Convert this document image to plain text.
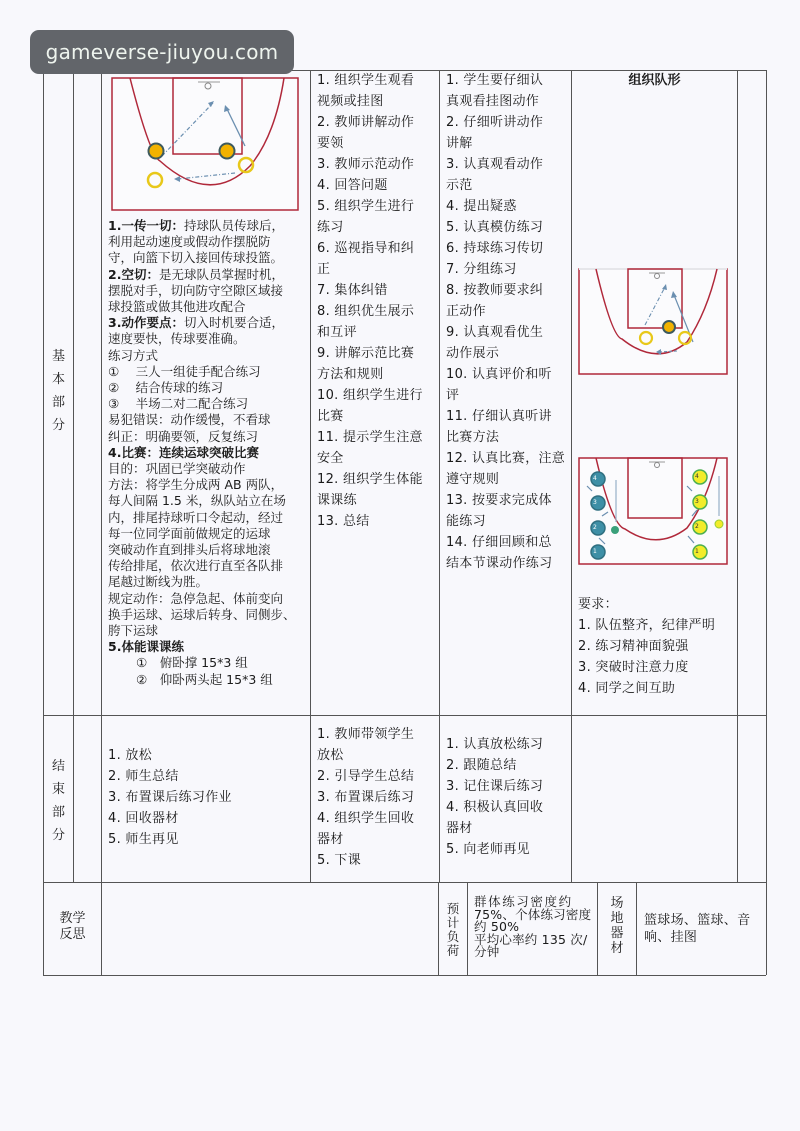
gameverse-jiuyou.com
基本部分
1.一传一切：持球队员传球后，
利用起动速度或假动作摆脱防
守，向篮下切入接回传球投篮。
2.空切：是无球队员掌握时机，
摆脱对手，切向防守空隙区域接
球投篮或做其他进攻配合
3.动作要点：切入时机要合适，
速度要快，传球要准确。
练习方式
①　 三人一组徒手配合练习
②　 结合传球的练习
③　 半场二对二配合练习
易犯错误：动作缓慢，不看球
纠正：明确要领，反复练习
4.比赛：连续运球突破比赛
目的：巩固已学突破动作
方法：将学生分成两 AB 两队，
每人间隔 1.5 米，纵队站立在场
内，排尾持球听口令起动，经过
每一位同学面前做规定的运球
突破动作直到排头后将球地滚
传给排尾，依次进行直至各队排
尾越过断线为胜。
规定动作：急停急起、体前变向
换手运球、运球后转身、同侧步、
胯下运球
5.体能课课练
①　俯卧撑 15*3 组
②　仰卧两头起 15*3 组
1. 组织学生观看
视频或挂图
2. 教师讲解动作
要领
3. 教师示范动作
4. 回答问题
5. 组织学生进行
练习
6. 巡视指导和纠
正
7. 集体纠错
8. 组织优生展示
和互评
9. 讲解示范比赛
方法和规则
10. 组织学生进行
比赛
11. 提示学生注意
安全
12. 组织学生体能
课课练
13. 总结
1. 学生要仔细认
真观看挂图动作
2. 仔细听讲动作
讲解
3. 认真观看动作
示范
4. 提出疑惑
5. 认真模仿练习
6. 持球练习传切
7. 分组练习
8. 按教师要求纠
正动作
9. 认真观看优生
动作展示
10. 认真评价和听
评
11. 仔细认真听讲
比赛方法
12. 认真比赛，注意
遵守规则
13. 按要求完成体
能练习
14. 仔细回顾和总
结本节课动作练习
组织队形
4
3
2
1
4
3
2
1
要求：
1. 队伍整齐，纪律严明
2. 练习精神面貌强
3. 突破时注意力度
4. 同学之间互助
结束部分
1. 放松
2. 师生总结
3. 布置课后练习作业
4. 回收器材
5. 师生再见
1. 教师带领学生
放松
2. 引导学生总结
3. 布置课后练习
4. 组织学生回收
器材
5. 下课
1. 认真放松练习
2. 跟随总结
3. 记住课后练习
4. 积极认真回收
器材
5. 向老师再见
教学
反思
预计负荷
群体练习密度约
75%、个体练习密度
约 50%
平均心率约 135 次/
分钟
场地器材
篮球场、篮球、音
响、挂图
